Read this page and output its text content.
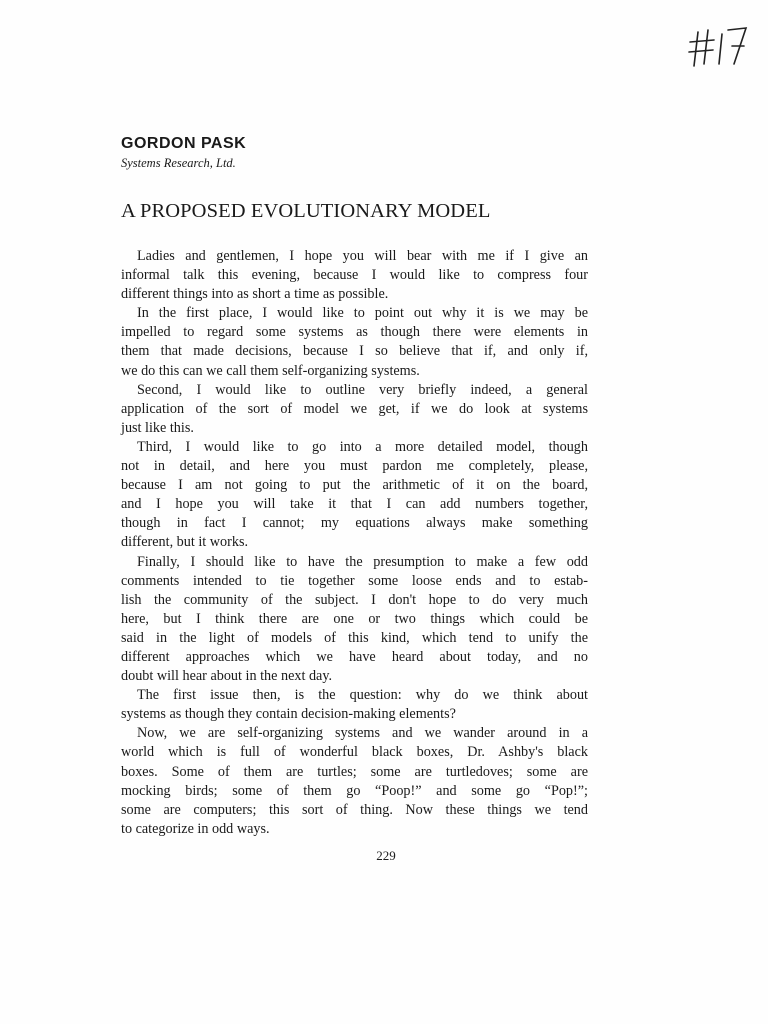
GORDON PASK

Systems Research, Ltd.

A PROPOSED EVOLUTIONARY MODEL
Ladies and gentlemen, I hope you will bear with me if I give an
informal talk this evening, because I would like to compress four
different things into as short a time as possible.
In the first place, I would like to point out why it is we may be
impelled to regard some systems as though there were elements in
them that made decisions, because I so believe that if, and only if,
we do this can we call them self-organizing systems.
Second, I would like to outline very briefly indeed, a general
application of the sort of model we get, if we do look at systems
just like this.
Third, I would like to go into a more detailed model, though
not in detail, and here you must pardon me completely, please,
because I am not going to put the arithmetic of it on the board,
and I hope you will take it that I can add numbers together,
though in fact I cannot; my equations always make something
different, but it works.
Finally, I should like to have the presumption to make a few odd
comments intended to tie together some loose ends and to estab-
lish the community of the subject. I don't hope to do very much
here, but I think there are one or two things which could be
said in the light of models of this kind, which tend to unify the
different approaches which we have heard about today, and no
doubt will hear about in the next day.
The first issue then, is the question: why do we think about
systems as though they contain decision-making elements?
Now, we are self-organizing systems and we wander around in a
world which is full of wonderful black boxes, Dr. Ashby's black
boxes. Some of them are turtles; some are turtledoves; some are
mocking birds; some of them go “Poop!” and some go “Pop!”;
some are computers; this sort of thing. Now these things we tend
to categorize in odd ways.

229
